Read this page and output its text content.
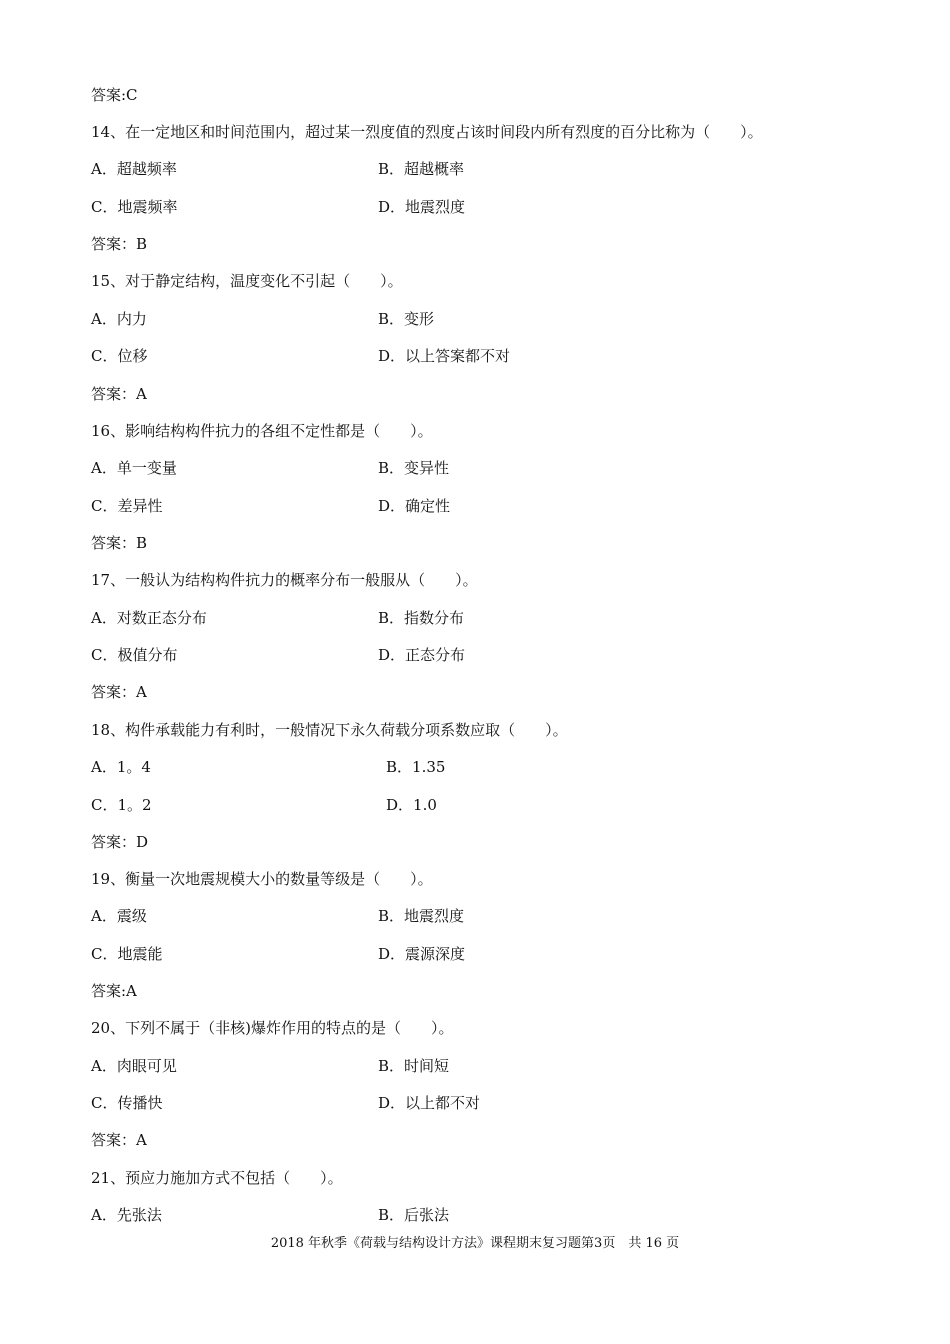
答案:C
14、在一定地区和时间范围内，超过某一烈度值的烈度占该时间段内所有烈度的百分比称为（　　）。
A．超越频率	B．超越概率
C．地震频率	D．地震烈度
答案：B
15、对于静定结构，温度变化不引起（　　）。
A．内力	B．变形
C．位移	D．以上答案都不对
答案：A
16、影响结构构件抗力的各组不定性都是（　　）。
A．单一变量	B．变异性
C．差异性	D．确定性
答案：B
17、一般认为结构构件抗力的概率分布一般服从（　　）。
A．对数正态分布	B．指数分布
C．极值分布	D．正态分布
答案：A
18、构件承载能力有利时，一般情况下永久荷载分项系数应取（　　）。
A．1。4	B．1.35
C．1。2	D．1.0
答案：D
19、衡量一次地震规模大小的数量等级是（　　）。
A．震级	B．地震烈度
C．地震能	D．震源深度
答案:A
20、下列不属于（非核)爆炸作用的特点的是（　　）。
A．肉眼可见	B．时间短
C．传播快	D．以上都不对
答案：A
21、预应力施加方式不包括（　　）。
A．先张法	B．后张法
2018 年秋季《荷载与结构设计方法》课程期末复习题第3页　共 16 页
